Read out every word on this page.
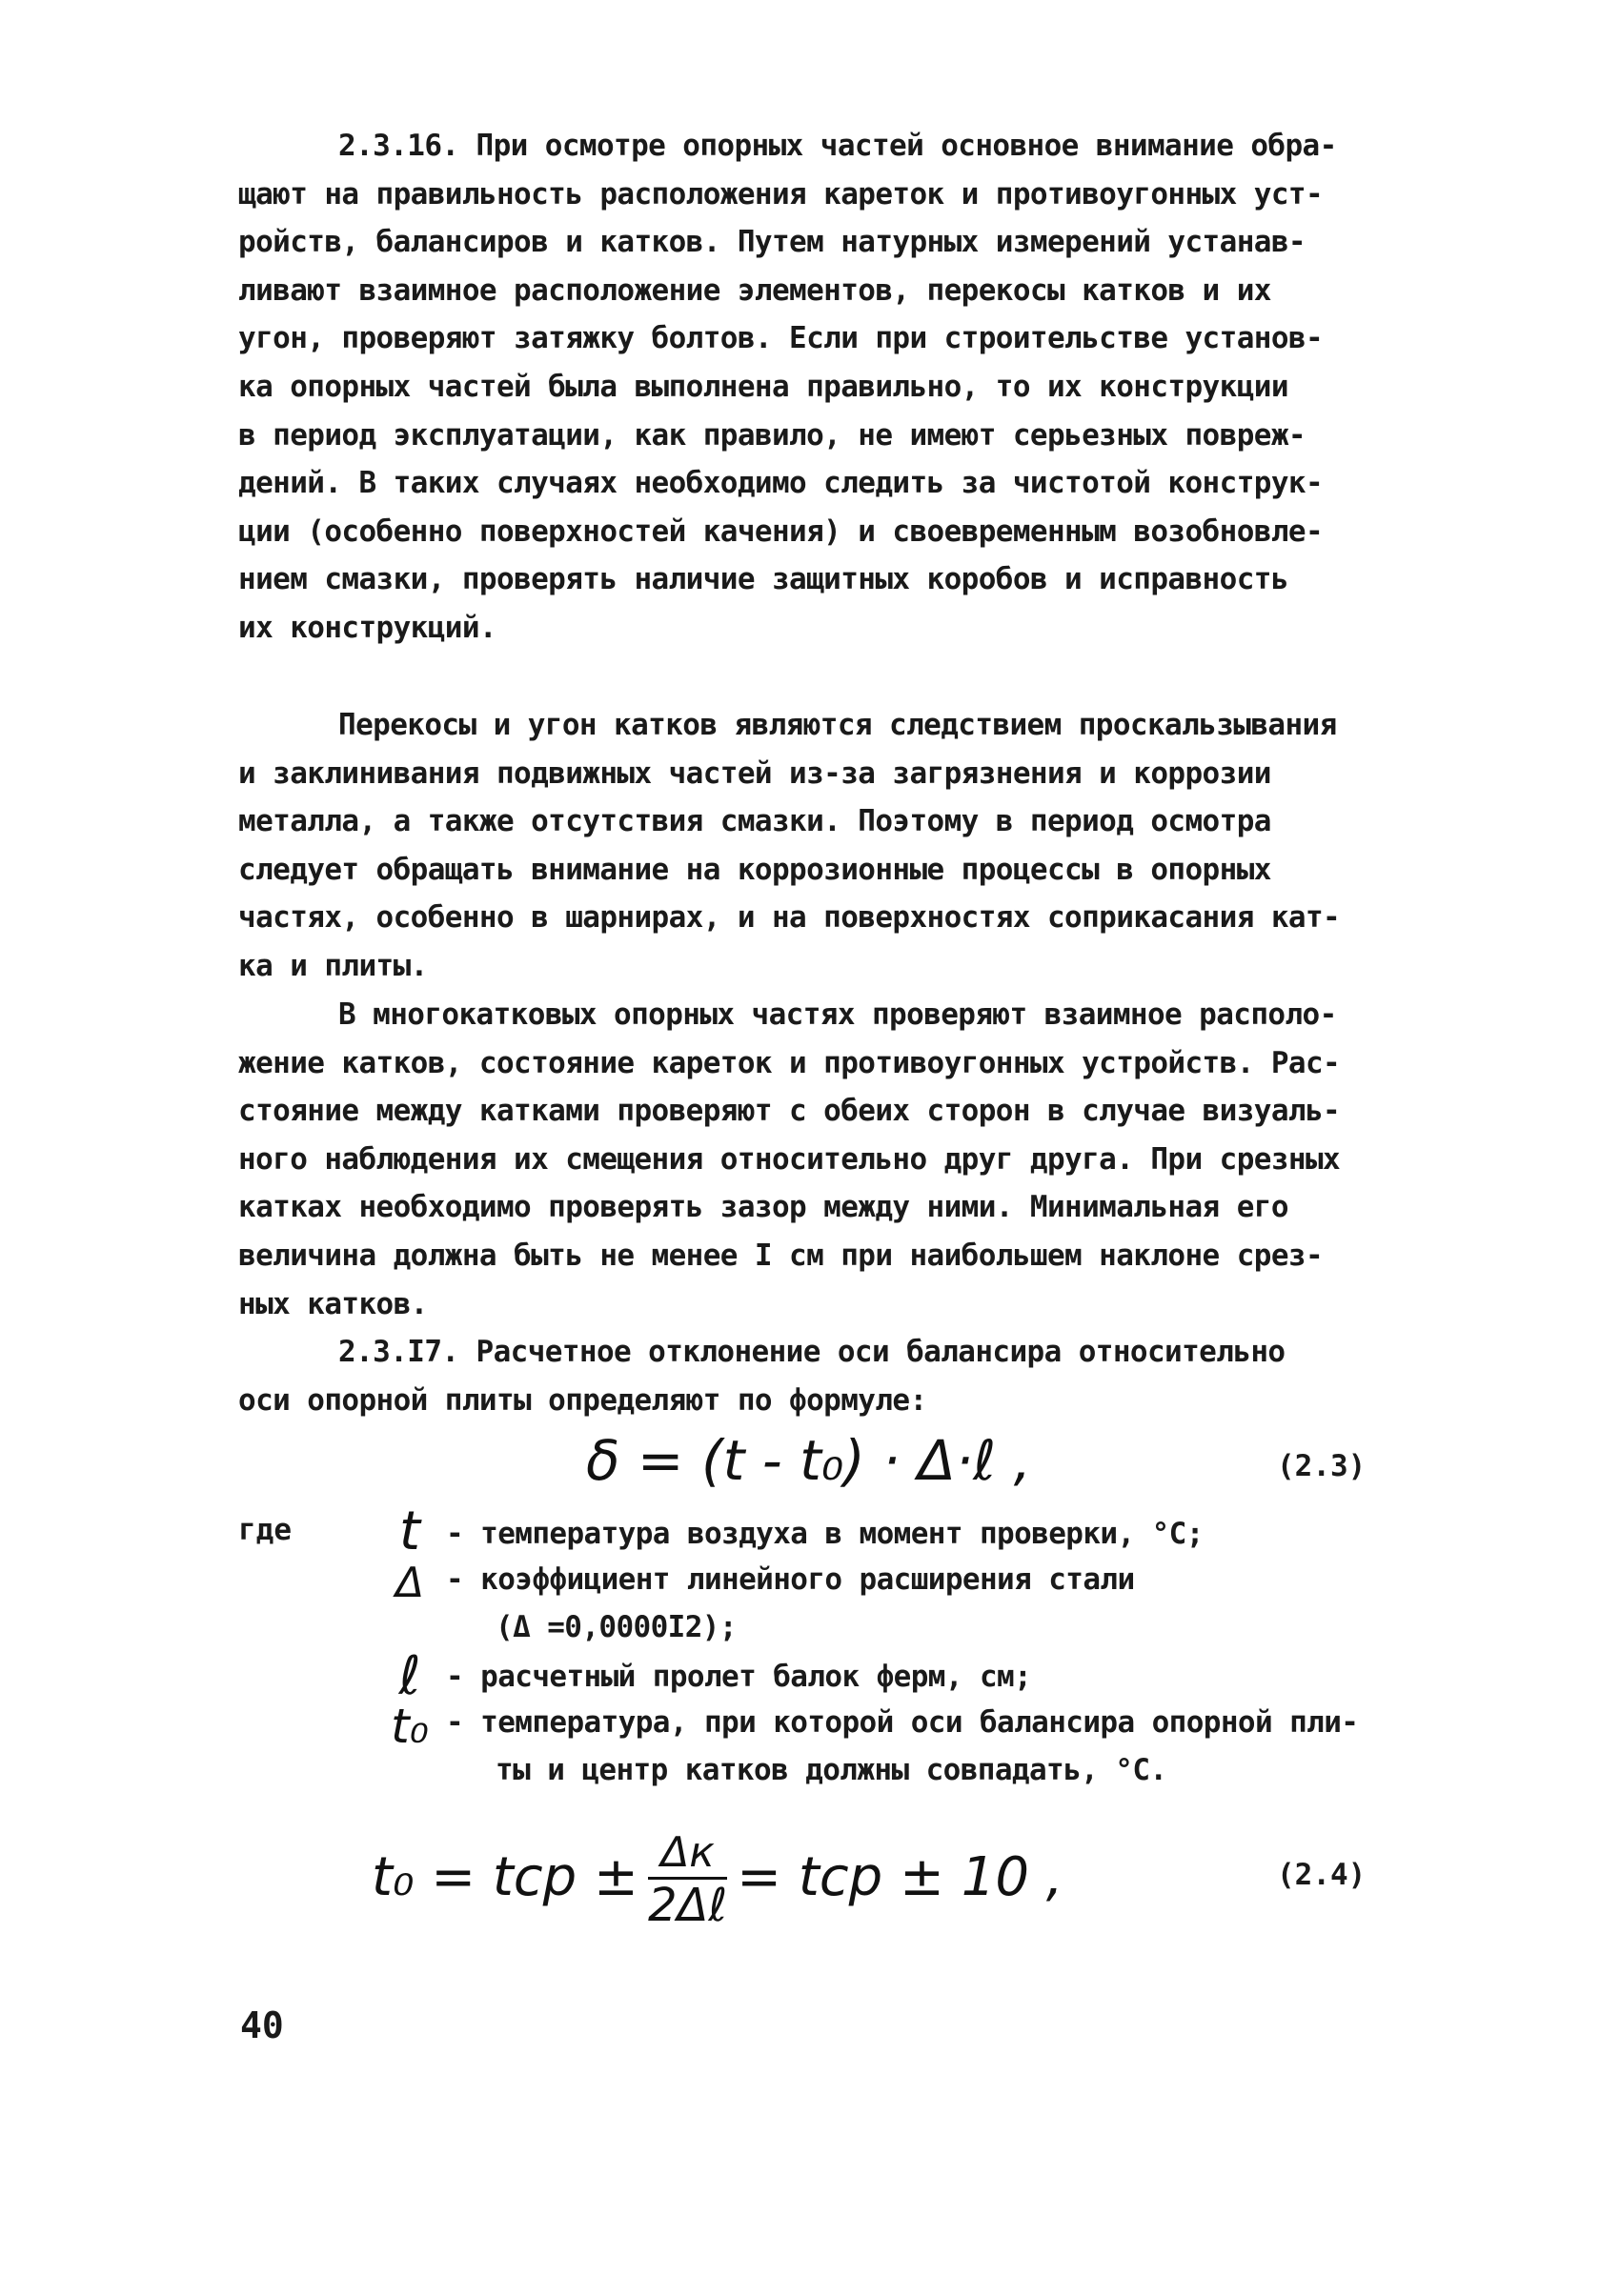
2.3.16. При осмотре опорных частей основное внимание обра-
щают на правильность расположения кареток и противоугонных уст-
ройств, балансиров и катков. Путем натурных измерений устанав-
ливают взаимное расположение элементов, перекосы катков и их
угон, проверяют затяжку болтов. Если при строительстве установ-
ка опорных частей была выполнена правильно, то их конструкции
в период эксплуатации, как правило, не имеют серьезных повреж-
дений. В таких случаях необходимо следить за чистотой конструк-
ции (особенно поверхностей качения) и своевременным возобновле-
нием смазки, проверять наличие защитных коробов и исправность
их конструкций.
Перекосы и угон катков являются следствием проскальзывания
и заклинивания подвижных частей из-за загрязнения и коррозии
металла, а также отсутствия смазки. Поэтому в период осмотра
следует обращать внимание на коррозионные процессы в опорных
частях, особенно в шарнирах, и на поверхностях соприкасания кат-
ка и плиты.
В многокатковых опорных частях проверяют взаимное располо-
жение катков, состояние кареток и противоугонных устройств. Рас-
стояние между катками проверяют с обеих сторон в случае визуаль-
ного наблюдения их смещения относительно друг друга. При срезных
катках необходимо проверять зазор между ними. Минимальная его
величина должна быть не менее I см при наибольшем наклоне срез-
ных катков.
2.3.I7. Расчетное отклонение оси балансира относительно
оси опорной плиты определяют по формуле:
δ = (t - t₀) · Δ·ℓ ,	(2.3)
где	t - температура воздуха в момент проверки, °С;
Δ - коэффициент линейного расширения стали
(Δ =0,0000I2);
ℓ - расчетный пролет балок ферм, см;
t₀ - температура, при которой оси балансира опорной пли-
ты и центр катков должны совпадать, °С.
t₀ = tср ± $\frac{\Delta к}{\text{2Δℓ}}$ = tср ± 10 ,	(2.4)
40
